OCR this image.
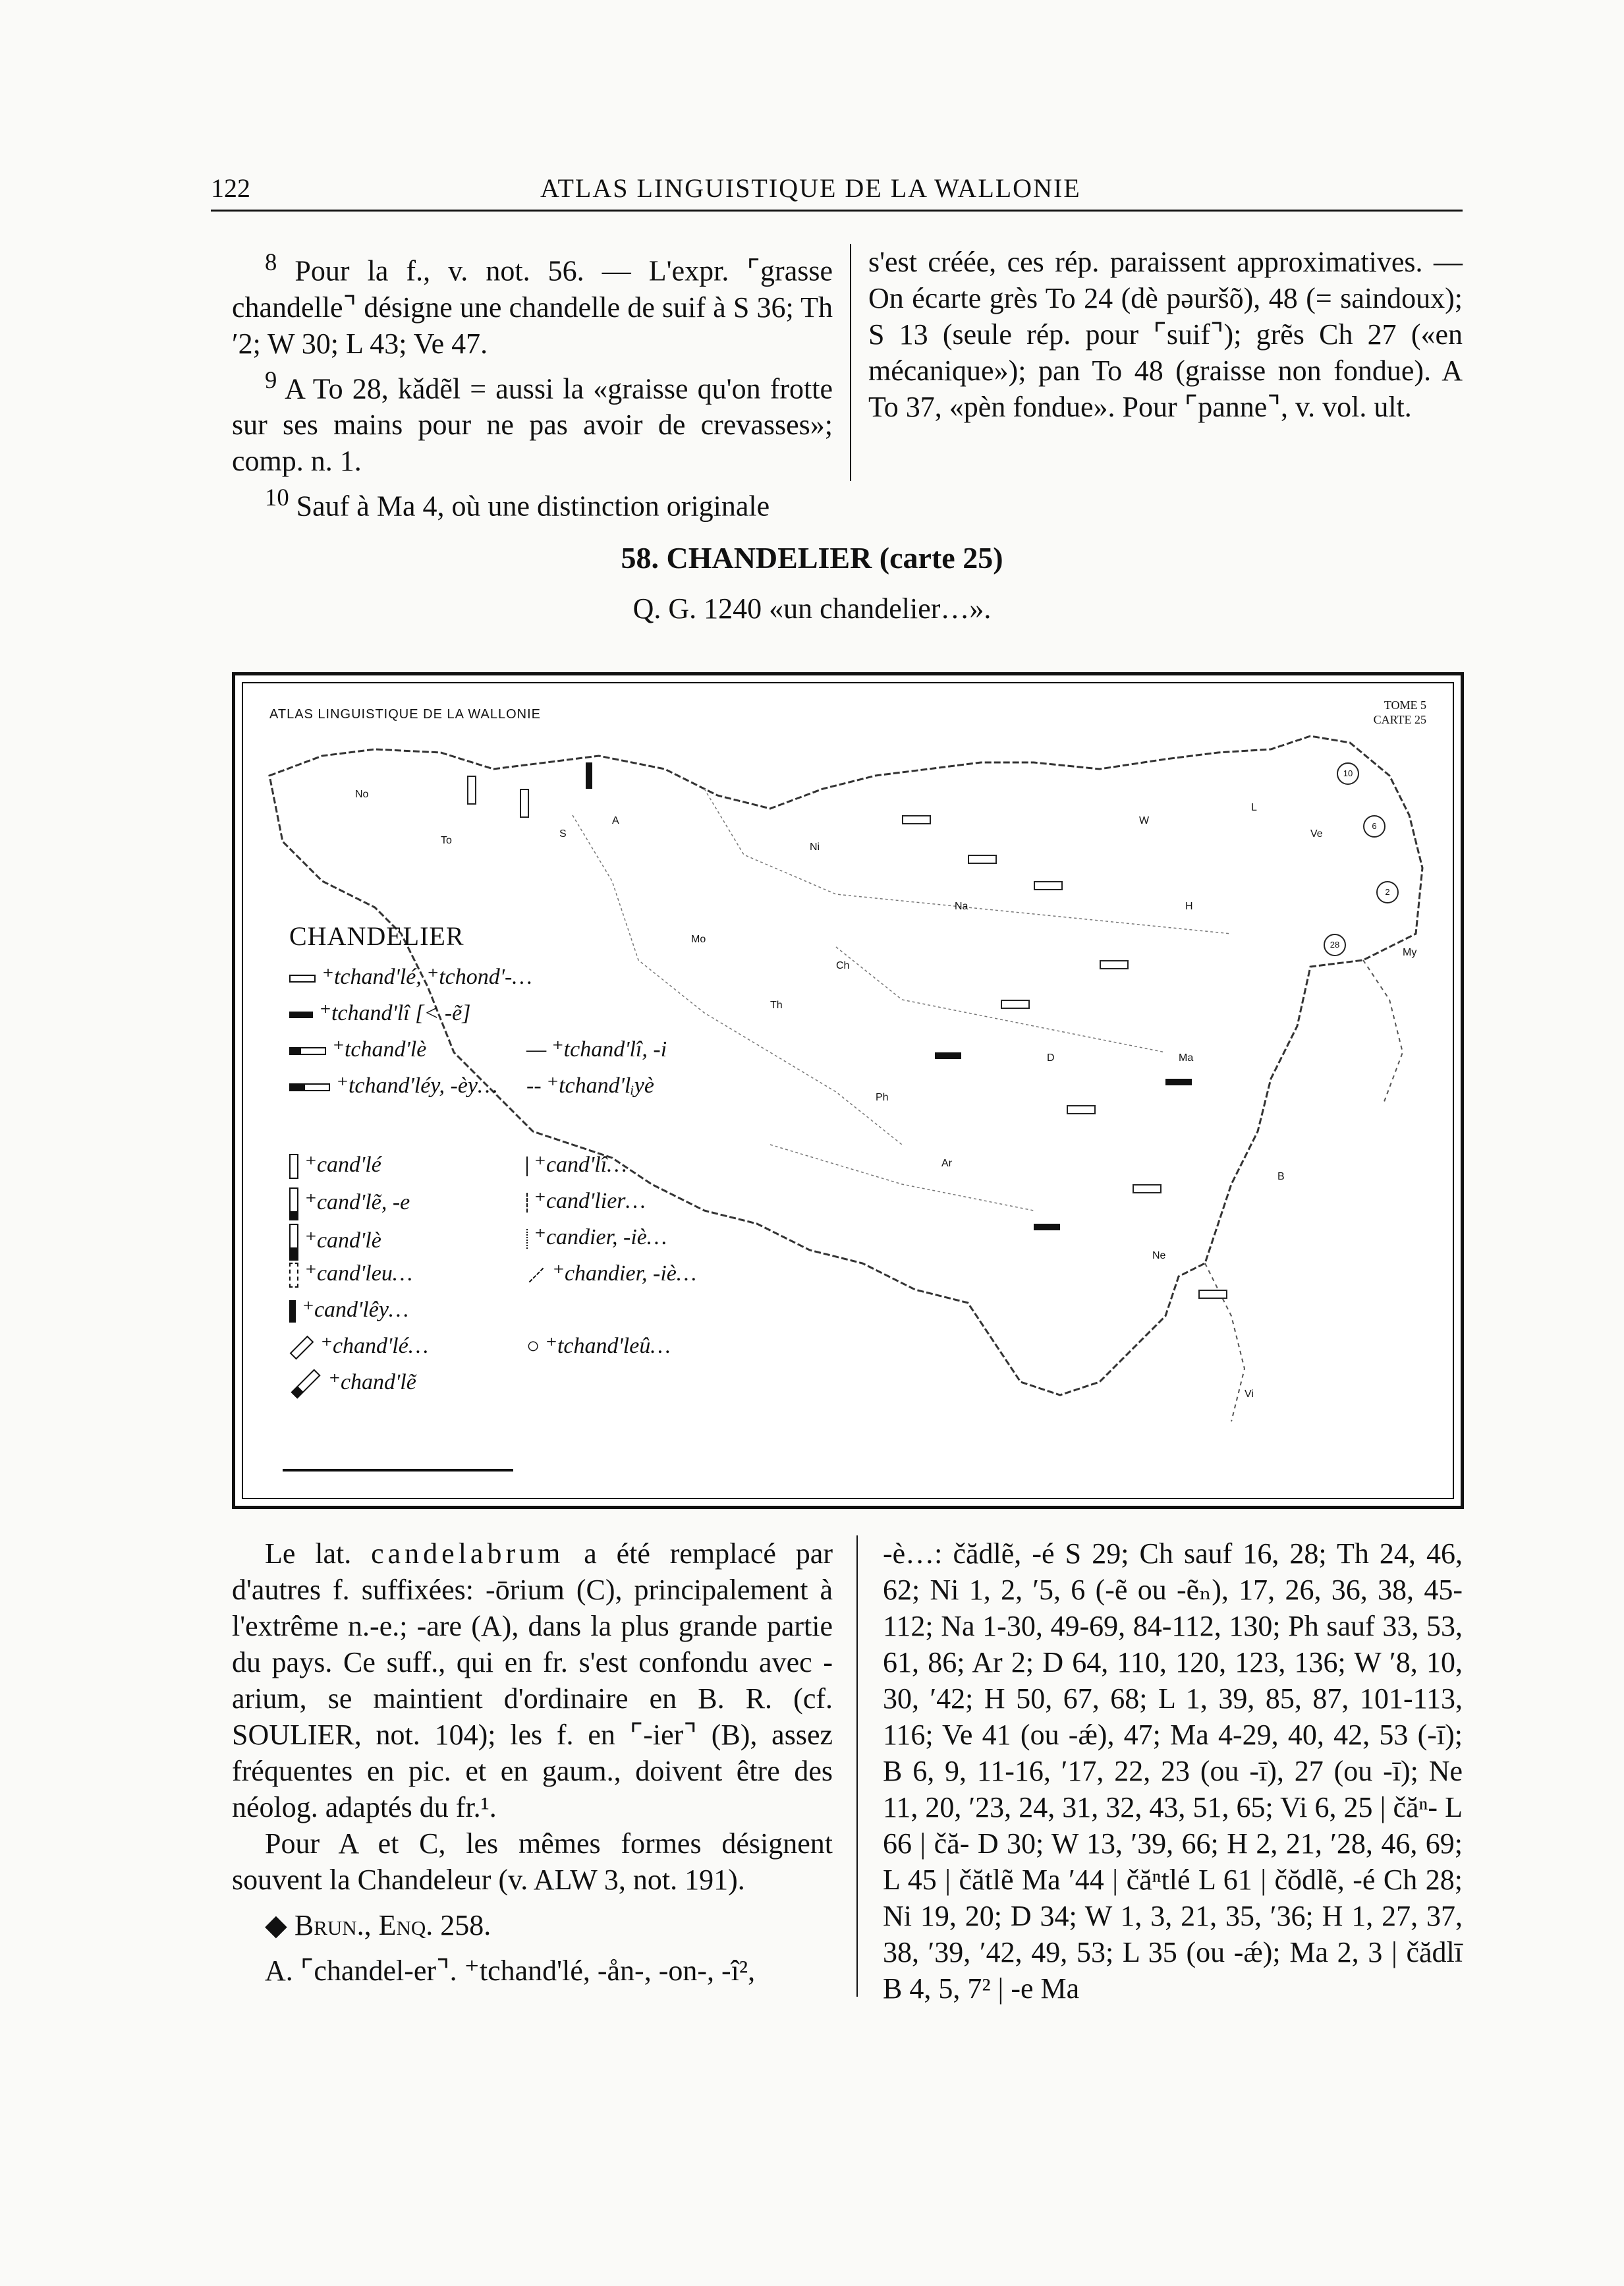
122	ATLAS LINGUISTIQUE DE LA WALLONIE

$^8$ Pour la f., v. not. 56. — L'expr. ⌜grasse chandelle⌝ désigne une chandelle de suif à S 36; Th ′2; W 30; L 43; Ve 47.

$^9$ A To 28, kǎdẽl = aussi la «graisse qu'on frotte sur ses mains pour ne pas avoir de crevasses»; comp. n. 1.

$^{10}$ Sauf à Ma 4, où une distinction originale

s'est créée, ces rép. paraissent approximatives. — On écarte grès To 24 (dè pəuršõ), 48 (= saindoux); S 13 (seule rép. pour ⌜suif⌝); grẽs Ch 27 («en mécanique»); pan To 48 (graisse non fondue). A To 37, «pèn fondue». Pour ⌜panne⌝, v. vol. ult.
58. CHANDELIER (carte 25)
Q. G. 1240 «un chandelier…».
ATLAS LINGUISTIQUE DE LA WALLONIE
TOME 5
CARTE 25
No
To
S
A
Mo
Ch
Th
Ni
Na
Ph
Ar
D
W
H
L
Ve
Ma
Ne
B
Vi
My
10
6
2
28
CHANDELIER
⁺tchand'lé, ⁺tchond'-…
⁺tchand'lî [< -ẽ]
⁺tchand'lè
⁺tchand'léy, -èy…
— ⁺tchand'lî, -i
-- ⁺tchand'lᵢyè
⁺cand'lé
⁺cand'lẽ, -e
⁺cand'lè
⁺cand'leu…
⁺cand'lêy…
⁺chand'lé…
⁺chand'lẽ
⁺cand'lî…
⁺cand'lier…
⁺candier, -iè…
⁺chandier, -iè…
○ ⁺tchand'leû…

Le lat. candelabrum a été remplacé par d'autres f. suffixées: -ōrium (C), principalement à l'extrême n.-e.; -are (A), dans la plus grande partie du pays. Ce suff., qui en fr. s'est confondu avec -arium, se maintient d'ordinaire en B. R. (cf. SOULIER, not. 104); les f. en ⌜-ier⌝ (B), assez fréquentes en pic. et en gaum., doivent être des néolog. adaptés du fr.¹.

Pour A et C, les mêmes formes désignent souvent la Chandeleur (v. ALW 3, not. 191).

◆ Brun., Enq. 258.

A. ⌜chandel-er⌝. ⁺tchand'lé, -ån-, -on-, -î²,

-è…: čădlẽ, -é S 29; Ch sauf 16, 28; Th 24, 46, 62; Ni 1, 2, ′5, 6 (-ẽ ou -ẽₙ), 17, 26, 36, 38, 45-112; Na 1-30, 49-69, 84-112, 130; Ph sauf 33, 53, 61, 86; Ar 2; D 64, 110, 120, 123, 136; W ′8, 10, 30, ′42; H 50, 67, 68; L 1, 39, 85, 87, 101-113, 116; Ve 41 (ou -ǽ), 47; Ma 4-29, 40, 42, 53 (-ī); B 6, 9, 11-16, ′17, 22, 23 (ou -ī), 27 (ou -ī); Ne 11, 20, ′23, 24, 31, 32, 43, 51, 65; Vi 6, 25 | čăⁿ- L 66 | čă- D 30; W 13, ′39, 66; H 2, 21, ′28, 46, 69; L 45 | čătlẽ Ma ′44 | čăⁿtlé L 61 | čŏdlẽ, -é Ch 28; Ni 19, 20; D 34; W 1, 3, 21, 35, ′36; H 1, 27, 37, 38, ′39, ′42, 49, 53; L 35 (ou -ǽ); Ma 2, 3 | čădlī B 4, 5, 7² | -e Ma
